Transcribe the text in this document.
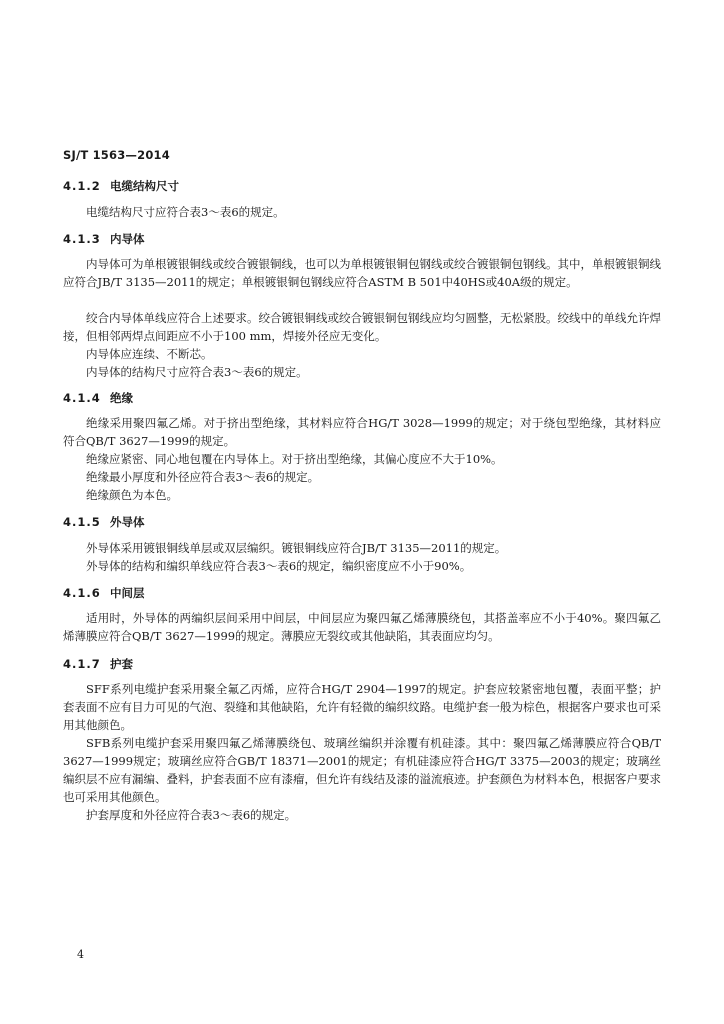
SJ/T 1563—2014
4.1.2 电缆结构尺寸

电缆结构尺寸应符合表3～表6的规定。

4.1.3 内导体

内导体可为单根镀银铜线或绞合镀银铜线，也可以为单根镀银铜包钢线或绞合镀银铜包钢线。其中，单根镀银铜线应符合JB/T 3135—2011的规定；单根镀银铜包钢线应符合ASTM B 501中40HS或40A级的规定。

绞合内导体单线应符合上述要求。绞合镀银铜线或绞合镀银铜包钢线应均匀圆整，无松紧股。绞线中的单线允许焊接，但相邻两焊点间距应不小于100 mm，焊接外径应无变化。

内导体应连续、不断芯。

内导体的结构尺寸应符合表3～表6的规定。

4.1.4 绝缘

绝缘采用聚四氟乙烯。对于挤出型绝缘，其材料应符合HG/T 3028—1999的规定；对于绕包型绝缘，其材料应符合QB/T 3627—1999的规定。

绝缘应紧密、同心地包覆在内导体上。对于挤出型绝缘，其偏心度应不大于10%。

绝缘最小厚度和外径应符合表3～表6的规定。

绝缘颜色为本色。

4.1.5 外导体

外导体采用镀银铜线单层或双层编织。镀银铜线应符合JB/T 3135—2011的规定。

外导体的结构和编织单线应符合表3～表6的规定，编织密度应不小于90%。

4.1.6 中间层

适用时，外导体的两编织层间采用中间层，中间层应为聚四氟乙烯薄膜绕包，其搭盖率应不小于40%。聚四氟乙烯薄膜应符合QB/T 3627—1999的规定。薄膜应无裂纹或其他缺陷，其表面应均匀。

4.1.7 护套

SFF系列电缆护套采用聚全氟乙丙烯，应符合HG/T 2904—1997的规定。护套应较紧密地包覆，表面平整；护套表面不应有目力可见的气泡、裂缝和其他缺陷，允许有轻微的编织纹路。电缆护套一般为棕色，根据客户要求也可采用其他颜色。

SFB系列电缆护套采用聚四氟乙烯薄膜绕包、玻璃丝编织并涂覆有机硅漆。其中：聚四氟乙烯薄膜应符合QB/T 3627—1999规定；玻璃丝应符合GB/T 18371—2001的规定；有机硅漆应符合HG/T 3375—2003的规定；玻璃丝编织层不应有漏编、叠料，护套表面不应有漆瘤，但允许有线结及漆的溢流痕迹。护套颜色为材料本色，根据客户要求也可采用其他颜色。

护套厚度和外径应符合表3～表6的规定。

4
